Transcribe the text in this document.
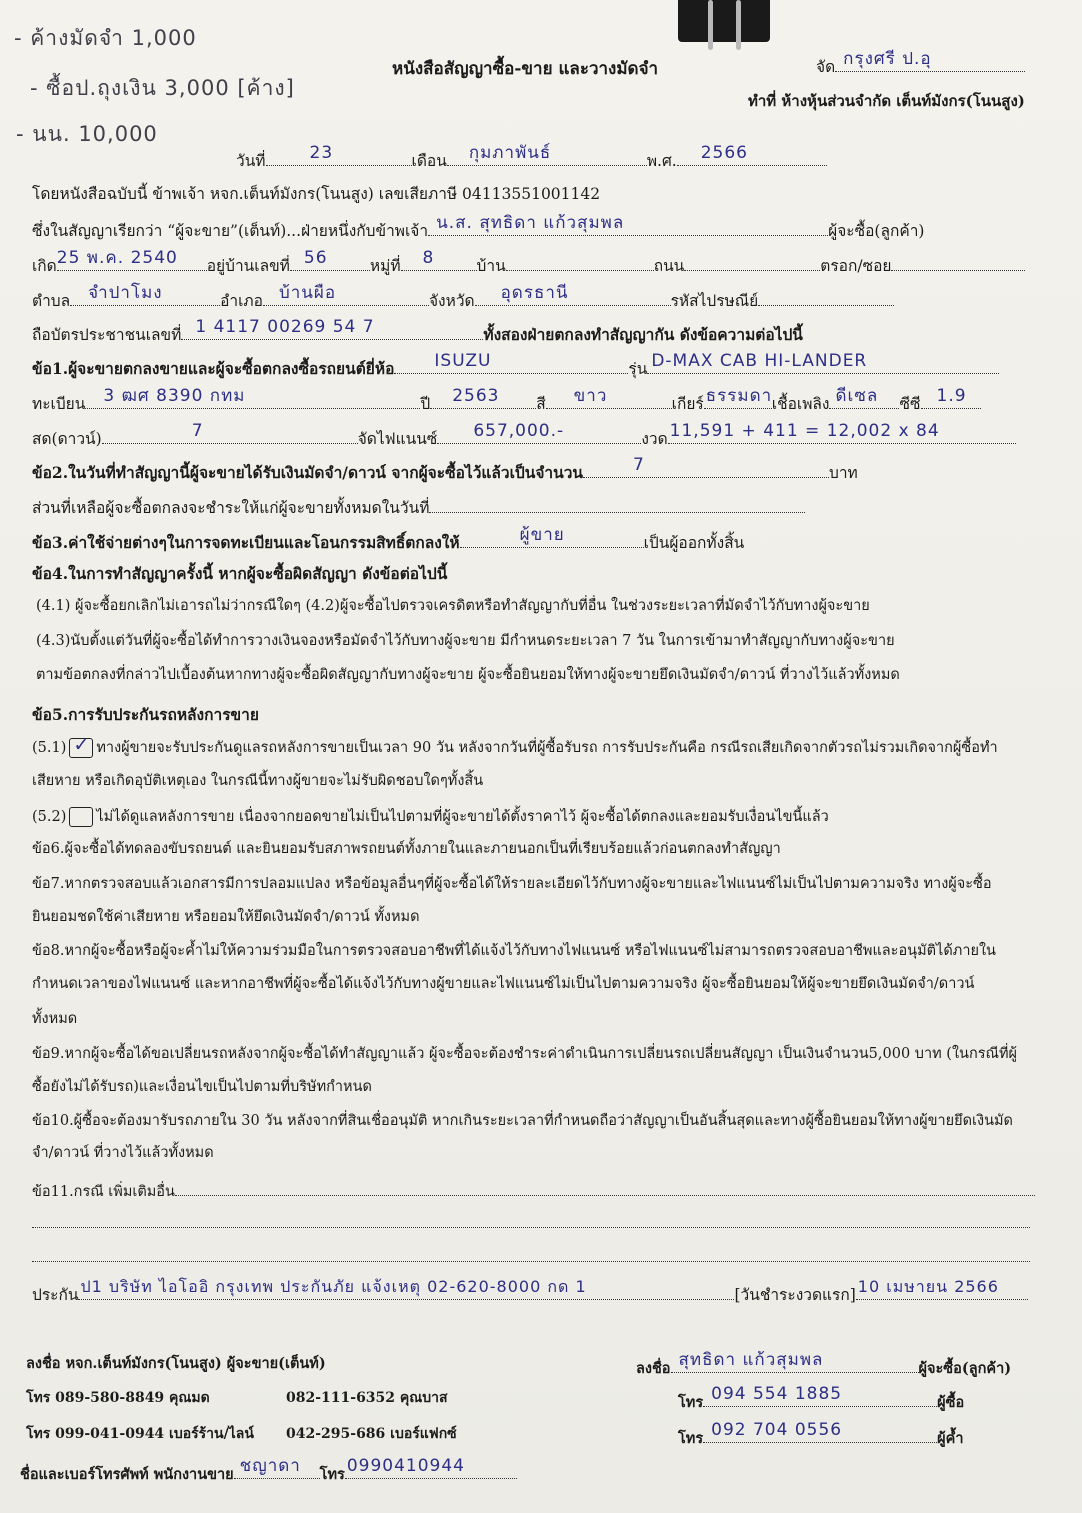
- ค้างมัดจำ 1,000
- ซื้อป.ถุงเงิน 3,000 [ค้าง]
- นน. 10,000
หนังสือสัญญาซื้อ-ขาย และวางมัดจำ	จัด กรุงศรี ป.อุ
ทำที่ ห้างหุ้นส่วนจำกัด เต็นท์มังกร(โนนสูง)
วันที่	23	เดือน กุมภาพันธ์	พ.ศ. 2566
โดยหนังสือฉบับนี้ ข้าพเจ้า หจก.เต็นท์มังกร(โนนสูง) เลขเสียภาษี 04113551001142
ซึ่งในสัญญาเรียกว่า “ผู้จะขาย”(เต็นท์)...ฝ่ายหนึ่งกับข้าพเจ้า น.ส. สุทธิดา แก้วสุมพล	ผู้จะซื้อ(ลูกค้า)
เกิด 25 พ.ค. 2540 อยู่บ้านเลขที่ 56	หมู่ที่ 8	บ้าน	ถนน	ตรอก/ซอย
ตำบล จำปาโมง	อำเภอ บ้านผือ	จังหวัด อุดรธานี	รหัสไปรษณีย์
ถือบัตรประชาชนเลขที่ 1 4117 00269 54 7	ทั้งสองฝ่ายตกลงทำสัญญากัน ดังข้อความต่อไปนี้
ข้อ1.ผู้จะขายตกลงขายและผู้จะซื้อตกลงซื้อรถยนต์ยี่ห้อ ISUZU	รุ่น D-MAX CAB HI-LANDER
ทะเบียน 3 ฒศ 8390 กทม	ปี 2563 สี ขาว	เกียร์ ธรรมดา เชื้อเพลิง ดีเซล ซีซี 1.9
สด(ดาวน์)	7	จัดไฟแนนซ์ 657,000.-	งวด 11,591 + 411 = 12,002 x 84
ข้อ2.ในวันที่ทำสัญญานี้ผู้จะขายได้รับเงินมัดจำ/ดาวน์ จากผู้จะซื้อไว้แล้วเป็นจำนวน	7	บาท
ส่วนที่เหลือผู้จะซื้อตกลงจะชำระให้แก่ผู้จะขายทั้งหมดในวันที่
ข้อ3.ค่าใช้จ่ายต่างๆในการจดทะเบียนและโอนกรรมสิทธิ์ตกลงให้	ผู้ขาย	เป็นผู้ออกทั้งสิ้น
ข้อ4.ในการทำสัญญาครั้งนี้ หากผู้จะซื้อผิดสัญญา ดังข้อต่อไปนี้
(4.1) ผู้จะซื้อยกเลิกไม่เอารถไม่ว่ากรณีใดๆ (4.2)ผู้จะซื้อไปตรวจเครดิตหรือทำสัญญากับที่อื่น ในช่วงระยะเวลาที่มัดจำไว้กับทางผู้จะขาย
(4.3)นับตั้งแต่วันที่ผู้จะซื้อได้ทำการวางเงินจองหรือมัดจำไว้กับทางผู้จะขาย มีกำหนดระยะเวลา 7 วัน ในการเข้ามาทำสัญญากับทางผู้จะขาย
ตามข้อตกลงที่กล่าวไปเบื้องต้นหากทางผู้จะซื้อผิดสัญญากับทางผู้จะขาย ผู้จะซื้อยินยอมให้ทางผู้จะขายยึดเงินมัดจำ/ดาวน์ ที่วางไว้แล้วทั้งหมด
ข้อ5.การรับประกันรถหลังการขาย
(5.1) ✓ ทางผู้ขายจะรับประกันดูแลรถหลังการขายเป็นเวลา 90 วัน หลังจากวันที่ผู้ซื้อรับรถ การรับประกันคือ กรณีรถเสียเกิดจากตัวรถไม่รวมเกิดจากผู้ซื้อทำ
เสียหาย หรือเกิดอุบัติเหตุเอง ในกรณีนี้ทางผู้ขายจะไม่รับผิดชอบใดๆทั้งสิ้น
(5.2) ไม่ได้ดูแลหลังการขาย เนื่องจากยอดขายไม่เป็นไปตามที่ผู้จะขายได้ตั้งราคาไว้ ผู้จะซื้อได้ตกลงและยอมรับเงื่อนไขนี้แล้ว
ข้อ6.ผู้จะซื้อได้ทดลองขับรถยนต์ และยินยอมรับสภาพรถยนต์ทั้งภายในและภายนอกเป็นที่เรียบร้อยแล้วก่อนตกลงทำสัญญา
ข้อ7.หากตรวจสอบแล้วเอกสารมีการปลอมแปลง หรือข้อมูลอื่นๆที่ผู้จะซื้อได้ให้รายละเอียดไว้กับทางผู้จะขายและไฟแนนซ์ไม่เป็นไปตามความจริง ทางผู้จะซื้อ
ยินยอมชดใช้ค่าเสียหาย หรือยอมให้ยึดเงินมัดจำ/ดาวน์ ทั้งหมด
ข้อ8.หากผู้จะซื้อหรือผู้จะค้ำไม่ให้ความร่วมมือในการตรวจสอบอาชีพที่ได้แจ้งไว้กับทางไฟแนนซ์ หรือไฟแนนซ์ไม่สามารถตรวจสอบอาชีพและอนุมัติได้ภายใน
กำหนดเวลาของไฟแนนซ์ และหากอาชีพที่ผู้จะซื้อได้แจ้งไว้กับทางผู้ขายและไฟแนนซ์ไม่เป็นไปตามความจริง ผู้จะซื้อยินยอมให้ผู้จะขายยึดเงินมัดจำ/ดาวน์
ทั้งหมด
ข้อ9.หากผู้จะซื้อได้ขอเปลี่ยนรถหลังจากผู้จะซื้อได้ทำสัญญาแล้ว ผู้จะซื้อจะต้องชำระค่าดำเนินการเปลี่ยนรถเปลี่ยนสัญญา เป็นเงินจำนวน5,000 บาท (ในกรณีที่ผู้
ซื้อยังไม่ได้รับรถ)และเงื่อนไขเป็นไปตามที่บริษัทกำหนด
ข้อ10.ผู้ซื้อจะต้องมารับรถภายใน 30 วัน หลังจากที่สินเชื่ออนุมัติ หากเกินระยะเวลาที่กำหนดถือว่าสัญญาเป็นอันสิ้นสุดและทางผู้ซื้อยินยอมให้ทางผู้ขายยึดเงินมัด
จำ/ดาวน์ ที่วางไว้แล้วทั้งหมด
ข้อ11.กรณี เพิ่มเติมอื่น
ประกัน ป1 บริษัท ไอโออิ กรุงเทพ ประกันภัย แจ้งเหตุ 02-620-8000 กด 1	[วันชำระงวดแรก] 10 เมษายน 2566
ลงชื่อ หจก.เต็นท์มังกร(โนนสูง) ผู้จะขาย(เต็นท์)
โทร 089-580-8849 คุณมด	082-111-6352 คุณบาส
โทร 099-041-0944 เบอร์ร้าน/ไลน์	042-295-686 เบอร์แฟกซ์
ชื่อและเบอร์โทรศัพท์ พนักงานขาย ชญาดา โทร 0990410944
ลงชื่อ สุทธิดา แก้วสุมพล	ผู้จะซื้อ(ลูกค้า)
โทร 094 554 1885	ผู้ซื้อ
โทร 092 704 0556	ผู้ค้ำ
